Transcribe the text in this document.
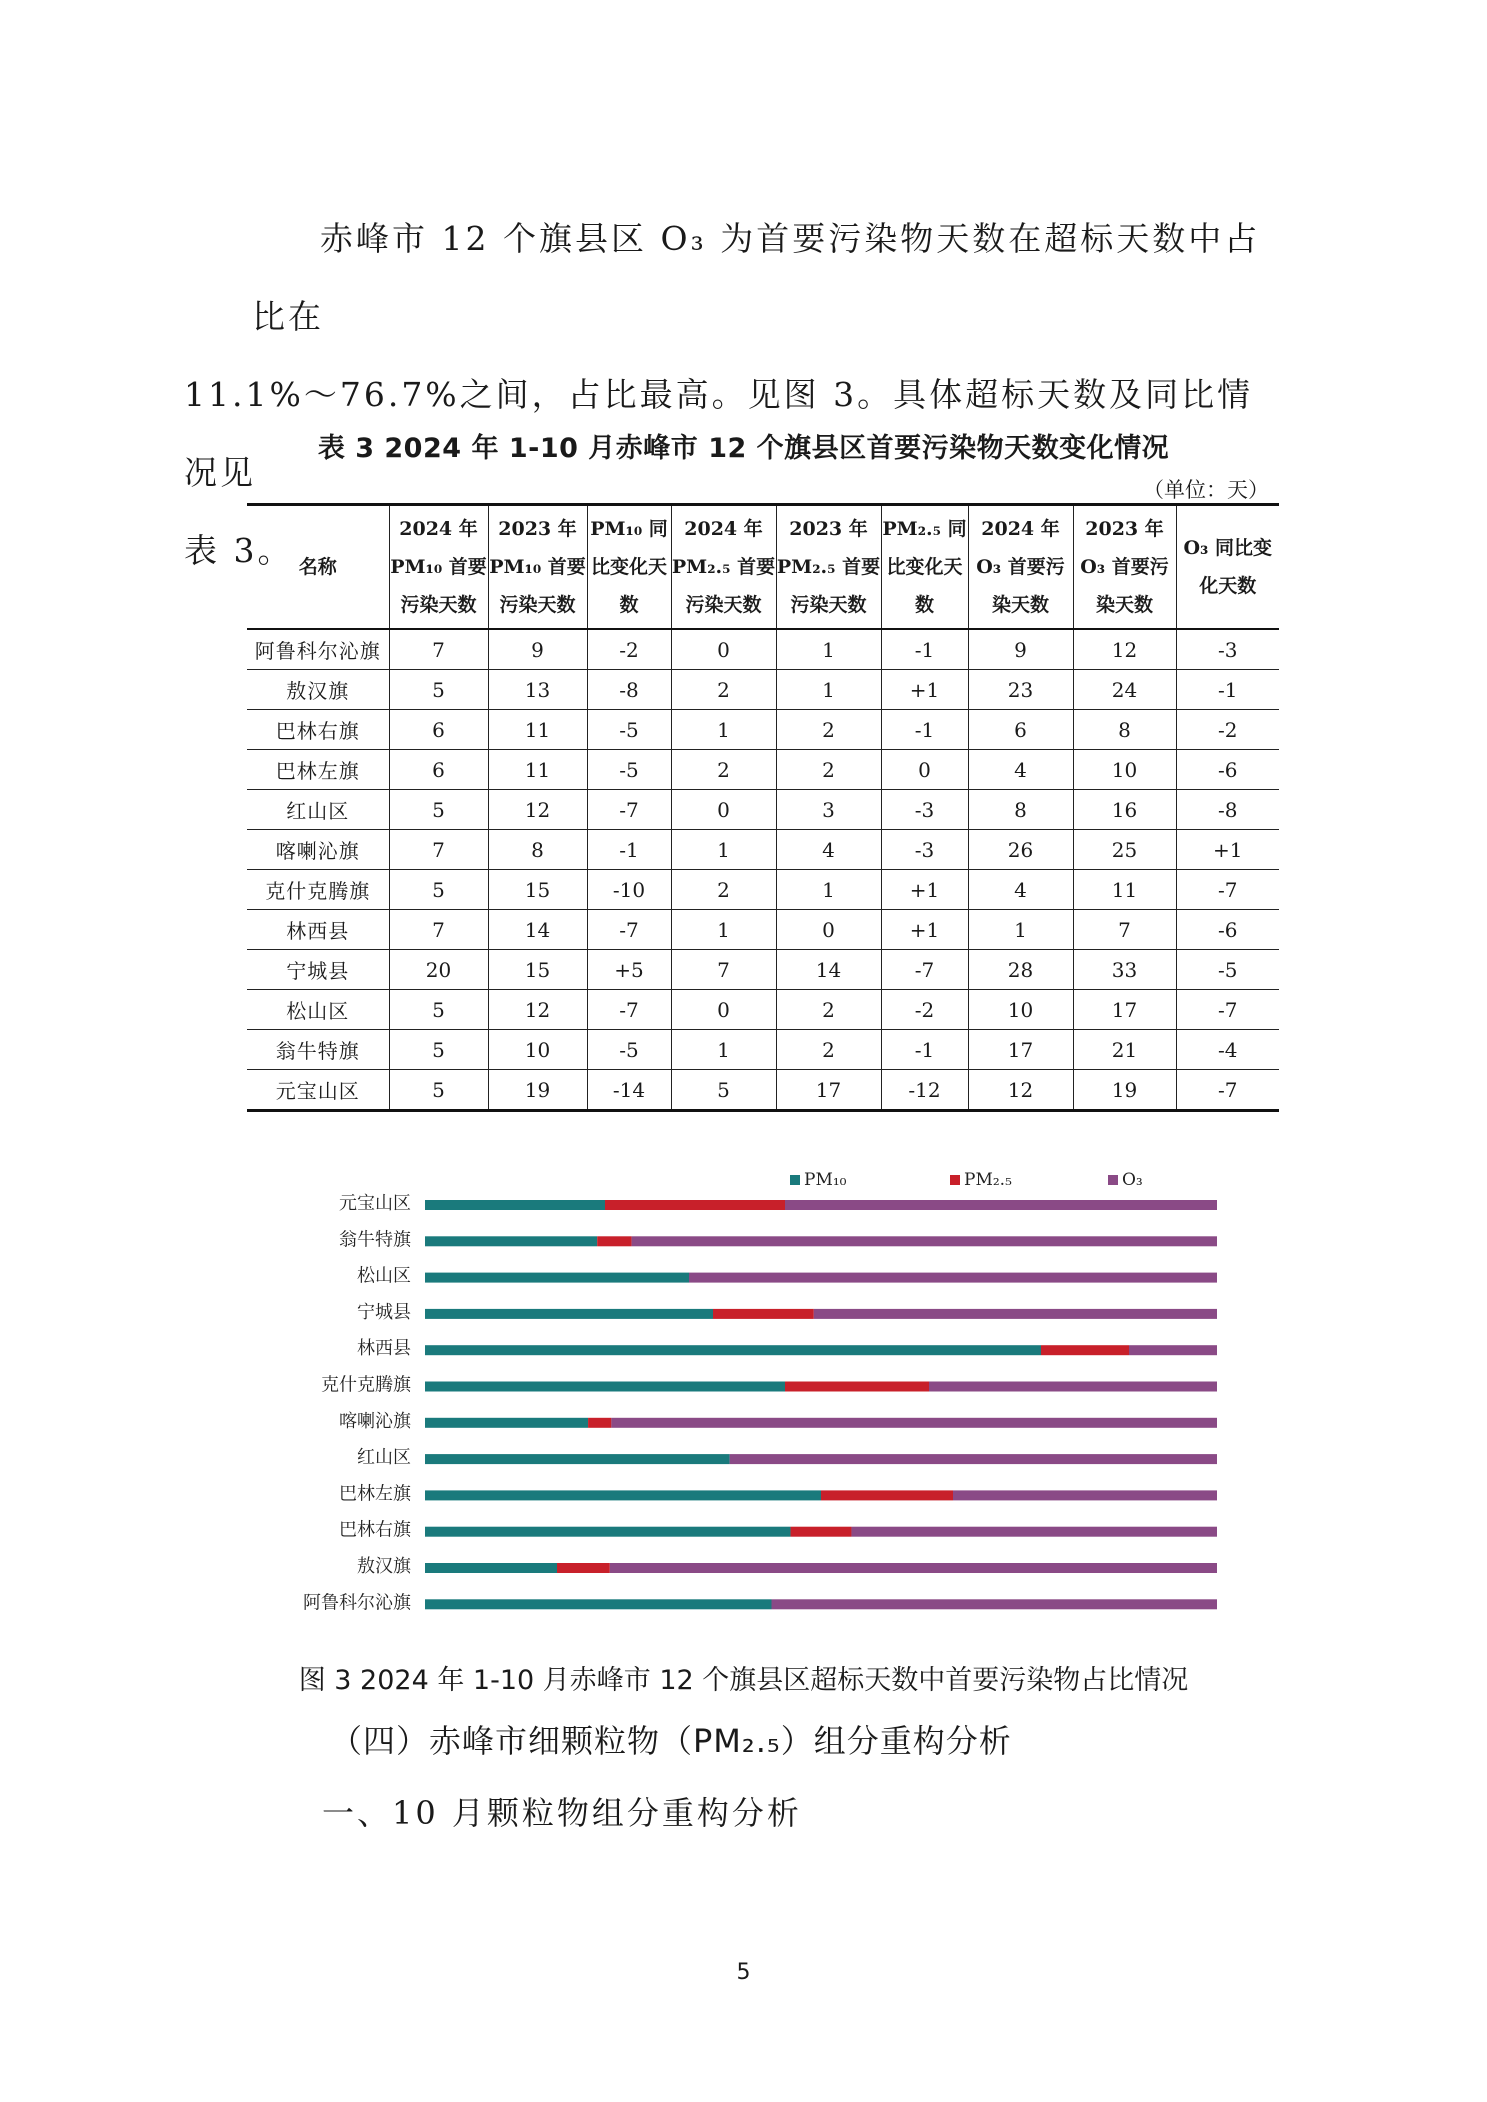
赤峰市 12 个旗县区 O₃ 为首要污染物天数在超标天数中占比在
11.1%～76.7%之间，占比最高。见图 3。具体超标天数及同比情况见
表 3。

表 3 2024 年 1-10 月赤峰市 12 个旗县区首要污染物天数变化情况
（单位：天）
名称	2024 年 PM₁₀ 首要污染天数	2023 年 PM₁₀ 首要污染天数	PM₁₀ 同比变化天数	2024 年 PM₂.₅ 首要污染天数	2023 年 PM₂.₅ 首要污染天数	PM₂.₅ 同比变化天数	2024 年 O₃ 首要污染天数	2023 年 O₃ 首要污染天数	O₃ 同比变化天数
阿鲁科尔沁旗	7	9	-2	0	1	-1	9	12	-3
敖汉旗	5	13	-8	2	1	+1	23	24	-1
巴林右旗	6	11	-5	1	2	-1	6	8	-2
巴林左旗	6	11	-5	2	2	0	4	10	-6
红山区	5	12	-7	0	3	-3	8	16	-8
喀喇沁旗	7	8	-1	1	4	-3	26	25	+1
克什克腾旗	5	15	-10	2	1	+1	4	11	-7
林西县	7	14	-7	1	0	+1	1	7	-6
宁城县	20	15	+5	7	14	-7	28	33	-5
松山区	5	12	-7	0	2	-2	10	17	-7
翁牛特旗	5	10	-5	1	2	-1	17	21	-4
元宝山区	5	19	-14	5	17	-12	12	19	-7
PM₁₀	PM₂.₅	O₃
元宝山区
翁牛特旗
松山区
宁城县
林西县
克什克腾旗
喀喇沁旗
红山区
巴林左旗
巴林右旗
敖汉旗
阿鲁科尔沁旗
图 3 2024 年 1-10 月赤峰市 12 个旗县区超标天数中首要污染物占比情况
（四）赤峰市细颗粒物（PM₂.₅）组分重构分析
一、10 月颗粒物组分重构分析
5
